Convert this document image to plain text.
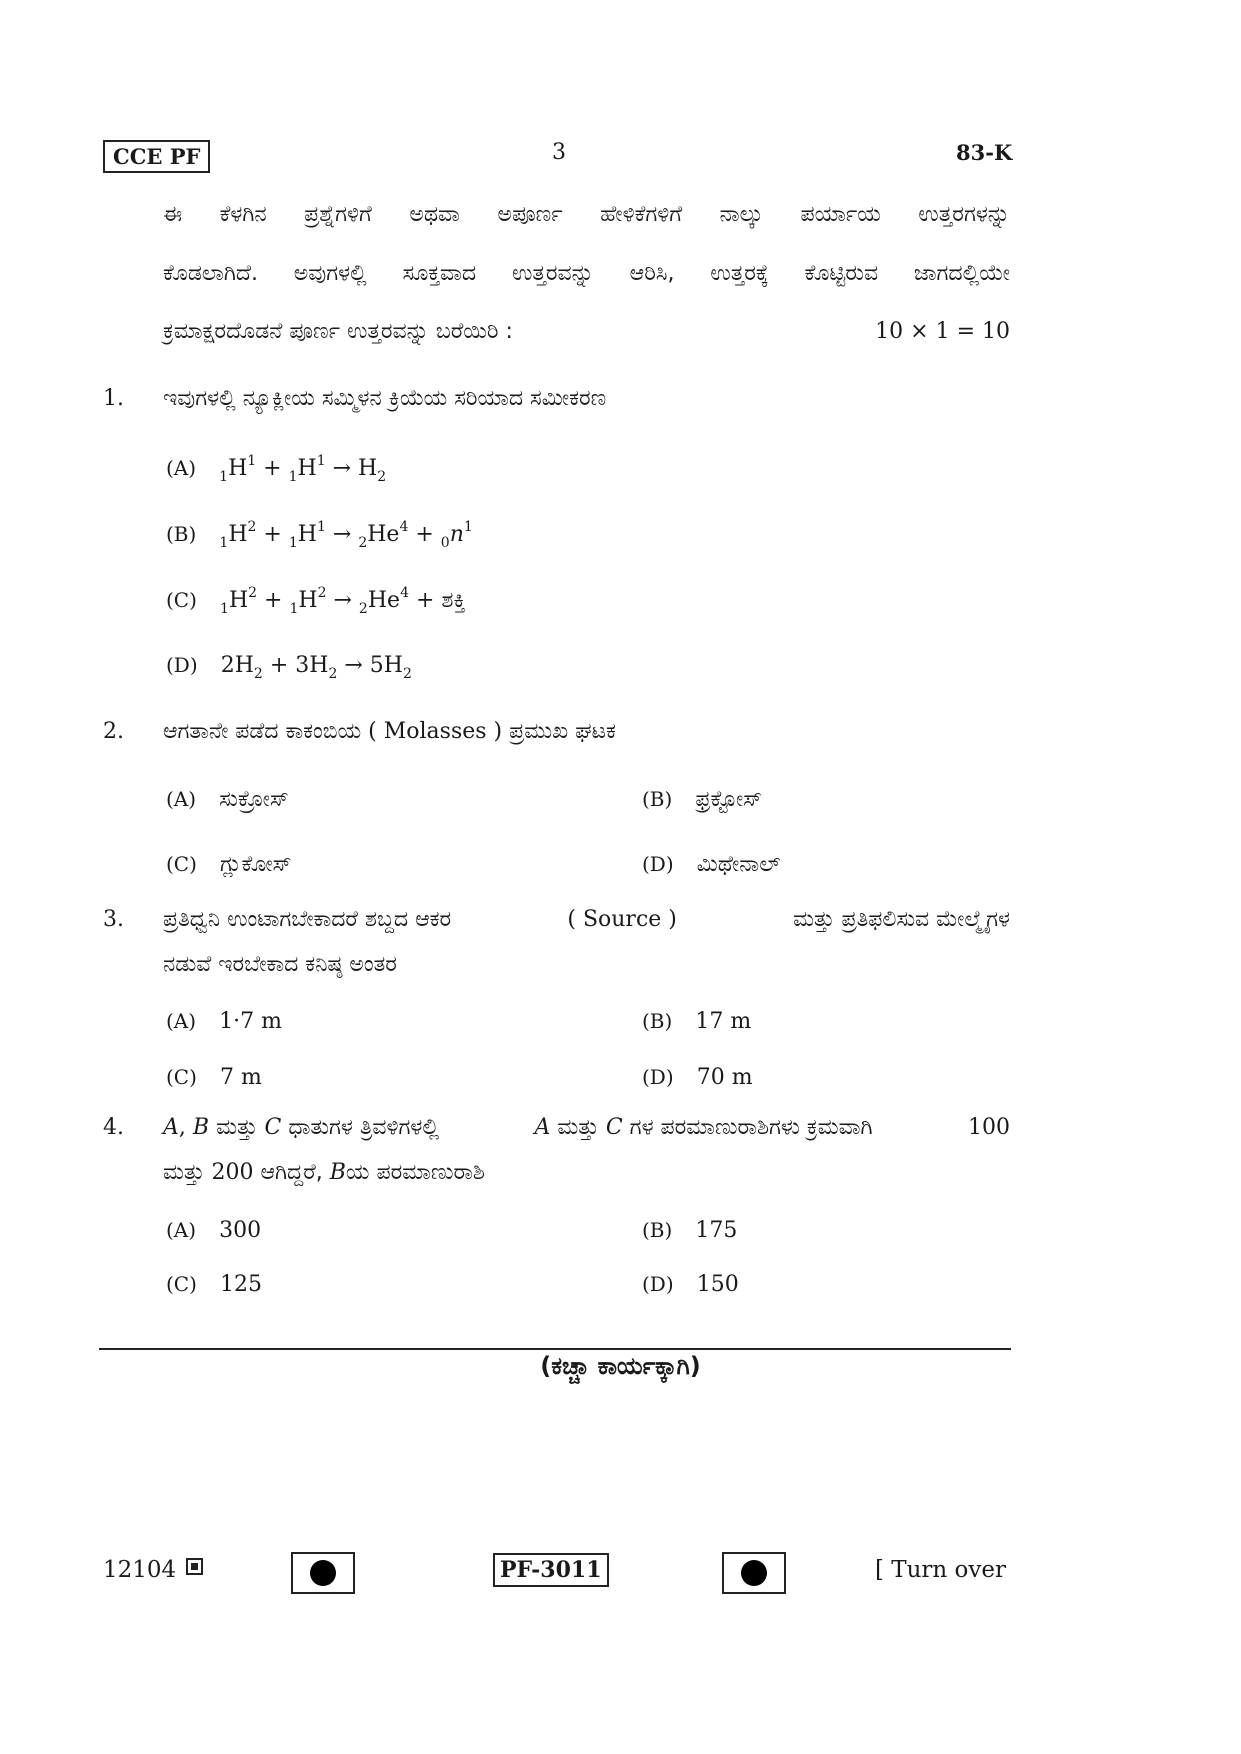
CCE PF	3	83-K
ಈ ಕೆಳಗಿನ ಪ್ರಶ್ನೆಗಳಿಗೆ ಅಥವಾ ಅಪೂರ್ಣ ಹೇಳಿಕೆಗಳಿಗೆ ನಾಲ್ಕು ಪರ್ಯಾಯ ಉತ್ತರಗಳನ್ನು
ಕೊಡಲಾಗಿದೆ. ಅವುಗಳಲ್ಲಿ ಸೂಕ್ತವಾದ ಉತ್ತರವನ್ನು ಆರಿಸಿ, ಉತ್ತರಕ್ಕೆ ಕೊಟ್ಟಿರುವ ಜಾಗದಲ್ಲಿಯೇ
ಕ್ರಮಾಕ್ಷರದೊಡನೆ ಪೂರ್ಣ ಉತ್ತರವನ್ನು ಬರೆಯಿರಿ :	10 × 1 = 10
1. ಇವುಗಳಲ್ಲಿ ನ್ಯೂಕ್ಲೀಯ ಸಮ್ಮಿಳನ ಕ್ರಿಯೆಯ ಸರಿಯಾದ ಸಮೀಕರಣ
(A) $_1H^1 + _1H^1 \to H_2$
(B) $_1H^2 + _1H^1 \to _2He^4 + _0n^1$
(C) $_1H^2 + _1H^2 \to _2He^4$ + ಶಕ್ತಿ
(D) $2H_2 + 3H_2 \to 5H_2$
2. ಆಗತಾನೇ ಪಡೆದ ಕಾಕಂಬಿಯ ( Molasses ) ಪ್ರಮುಖ ಘಟಕ
(A) ಸುಕ್ರೋಸ್	(B) ಫ್ರಕ್ಟೋಸ್
(C) ಗ್ಲುಕೋಸ್	(D) ಮಿಥೇನಾಲ್
3. ಪ್ರತಿಧ್ವನಿ ಉಂಟಾಗಬೇಕಾದರೆ ಶಬ್ದದ ಆಕರ	( Source )	ಮತ್ತು ಪ್ರತಿಫಲಿಸುವ ಮೇಲ್ಮೈಗಳ
ನಡುವೆ ಇರಬೇಕಾದ ಕನಿಷ್ಠ ಅಂತರ
(A) 1·7 m	(B) 17 m
(C) 7 m	(D) 70 m
4. A, B ಮತ್ತು C ಧಾತುಗಳ ತ್ರಿವಳಿಗಳಲ್ಲಿ	A ಮತ್ತು C ಗಳ ಪರಮಾಣುರಾಶಿಗಳು ಕ್ರಮವಾಗಿ	100
ಮತ್ತು 200 ಆಗಿದ್ದರೆ, Bಯ ಪರಮಾಣುರಾಶಿ
(A) 300	(B) 175
(C) 125	(D) 150
(ಕಚ್ಚಾ ಕಾರ್ಯಕ್ಕಾಗಿ)
12104	PF-3011	[ Turn over
